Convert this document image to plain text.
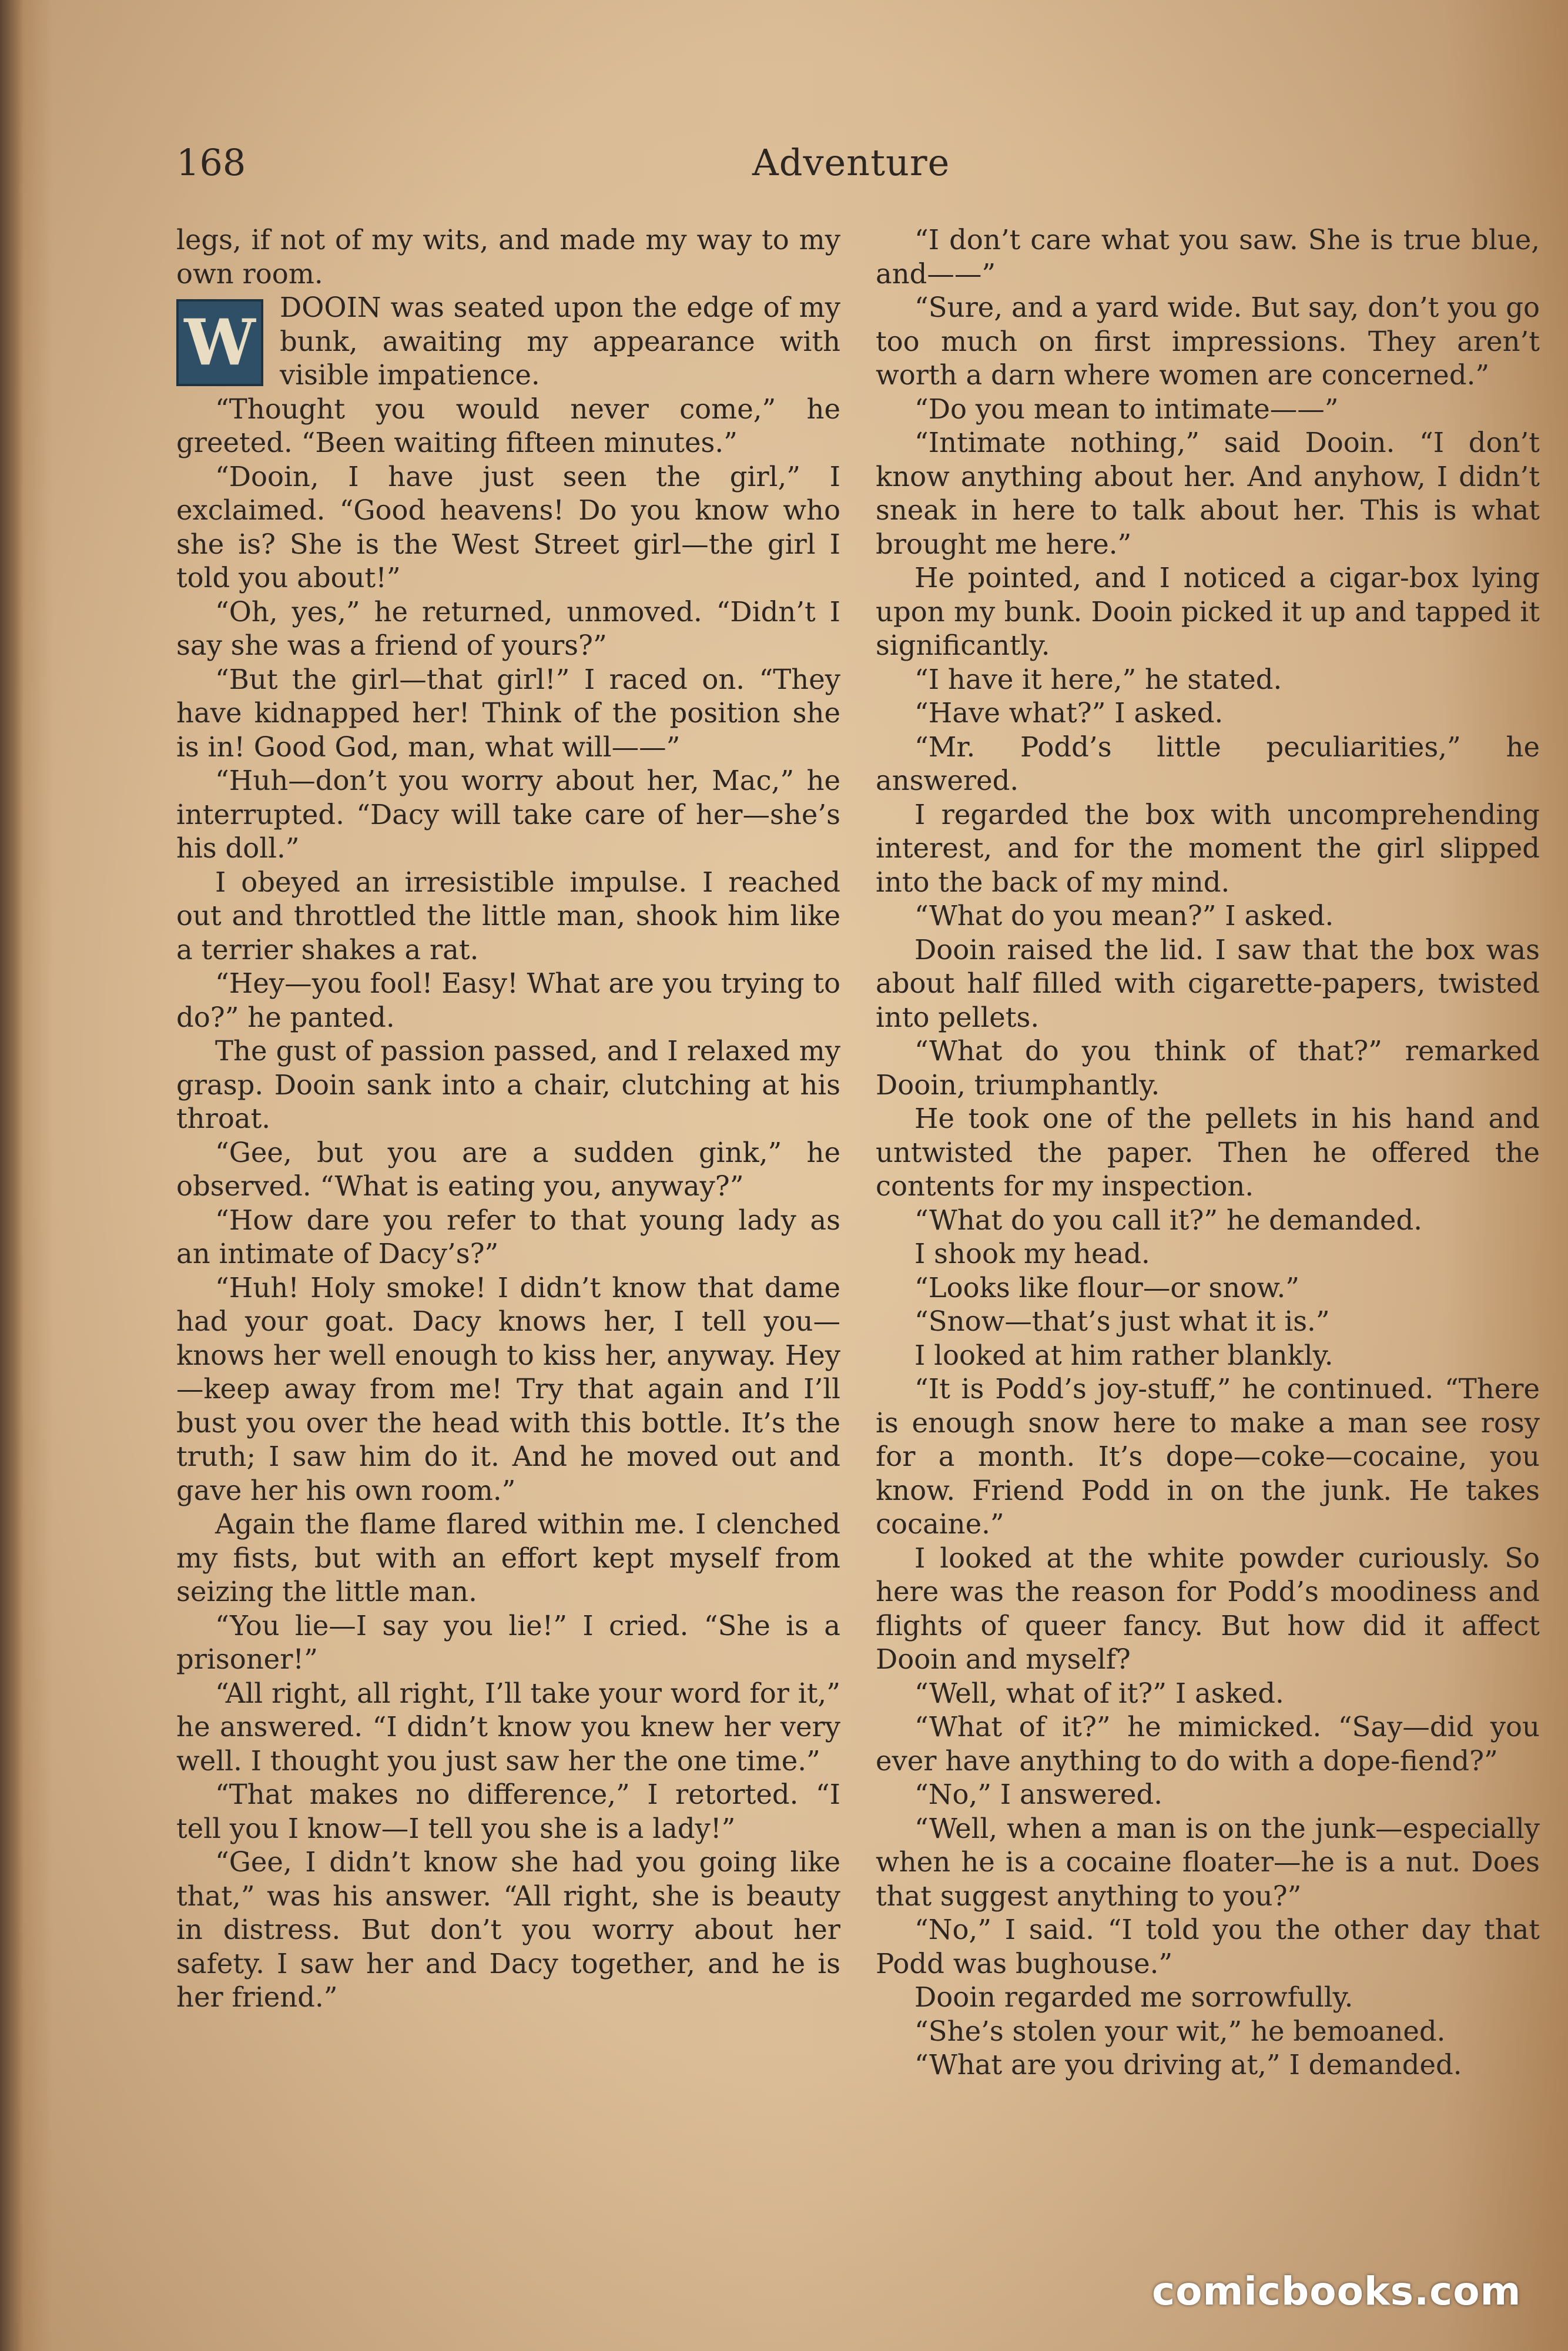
168	Adventure

legs, if not of my wits, and made my way to my own room.

W DOOIN was seated upon the edge of my bunk, awaiting my appearance with visible impatience.

“Thought you would never come,” he greeted. “Been waiting fifteen minutes.”

“Dooin, I have just seen the girl,” I exclaimed. “Good heavens! Do you know who she is? She is the West Street girl—the girl I told you about!”

“Oh, yes,” he returned, unmoved. “Didn’t I say she was a friend of yours?”

“But the girl—that girl!” I raced on. “They have kidnapped her! Think of the position she is in! Good God, man, what will——”

“Huh—don’t you worry about her, Mac,” he interrupted. “Dacy will take care of her—she’s his doll.”

I obeyed an irresistible impulse. I reached out and throttled the little man, shook him like a terrier shakes a rat.

“Hey—you fool! Easy! What are you trying to do?” he panted.

The gust of passion passed, and I relaxed my grasp. Dooin sank into a chair, clutching at his throat.

“Gee, but you are a sudden gink,” he observed. “What is eating you, anyway?”

“How dare you refer to that young lady as an intimate of Dacy’s?”

“Huh! Holy smoke! I didn’t know that dame had your goat. Dacy knows her, I tell you—knows her well enough to kiss her, anyway. Hey—keep away from me! Try that again and I’ll bust you over the head with this bottle. It’s the truth; I saw him do it. And he moved out and gave her his own room.”

Again the flame flared within me. I clenched my fists, but with an effort kept myself from seizing the little man.

“You lie—I say you lie!” I cried. “She is a prisoner!”

“All right, all right, I’ll take your word for it,” he answered. “I didn’t know you knew her very well. I thought you just saw her the one time.”

“That makes no difference,” I retorted. “I tell you I know—I tell you she is a lady!”

“Gee, I didn’t know she had you going like that,” was his answer. “All right, she is beauty in distress. But don’t you worry about her safety. I saw her and Dacy together, and he is her friend.”

“I don’t care what you saw. She is true blue, and——”

“Sure, and a yard wide. But say, don’t you go too much on first impressions. They aren’t worth a darn where women are concerned.”

“Do you mean to intimate——”

“Intimate nothing,” said Dooin. “I don’t know anything about her. And anyhow, I didn’t sneak in here to talk about her. This is what brought me here.”

He pointed, and I noticed a cigar-box lying upon my bunk. Dooin picked it up and tapped it significantly.

“I have it here,” he stated.

“Have what?” I asked.

“Mr. Podd’s little peculiarities,” he answered.

I regarded the box with uncomprehending interest, and for the moment the girl slipped into the back of my mind.

“What do you mean?” I asked.

Dooin raised the lid. I saw that the box was about half filled with cigarette-papers, twisted into pellets.

“What do you think of that?” remarked Dooin, triumphantly.

He took one of the pellets in his hand and untwisted the paper. Then he offered the contents for my inspection.

“What do you call it?” he demanded.

I shook my head.

“Looks like flour—or snow.”

“Snow—that’s just what it is.”

I looked at him rather blankly.

“It is Podd’s joy-stuff,” he continued. “There is enough snow here to make a man see rosy for a month. It’s dope—coke—cocaine, you know. Friend Podd in on the junk. He takes cocaine.”

I looked at the white powder curiously. So here was the reason for Podd’s moodiness and flights of queer fancy. But how did it affect Dooin and myself?

“Well, what of it?” I asked.

“What of it?” he mimicked. “Say—did you ever have anything to do with a dope-fiend?”

“No,” I answered.

“Well, when a man is on the junk—especially when he is a cocaine floater—he is a nut. Does that suggest anything to you?”

“No,” I said. “I told you the other day that Podd was bughouse.”

Dooin regarded me sorrowfully.

“She’s stolen your wit,” he bemoaned.

“What are you driving at,” I demanded.

comicbooks.com
